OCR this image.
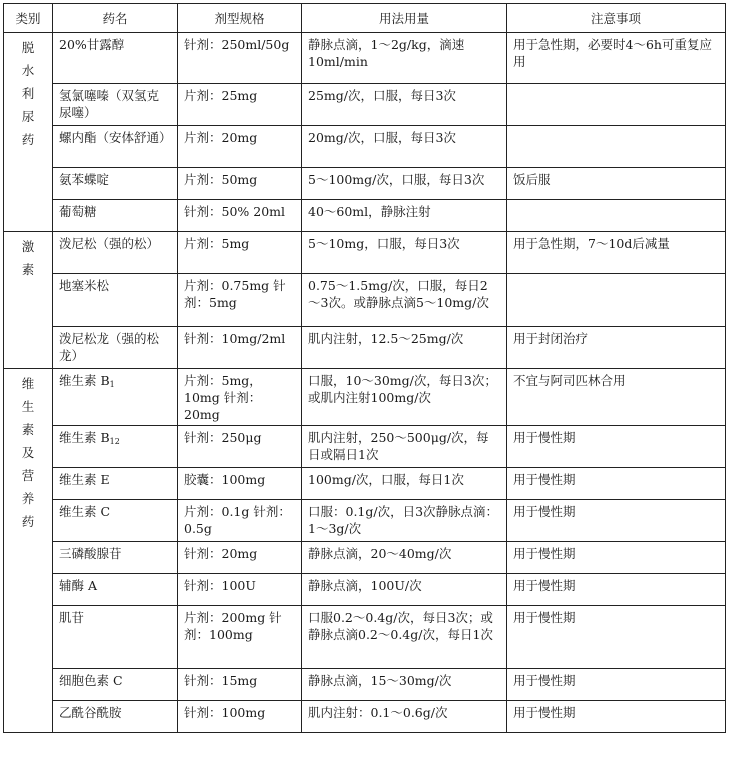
类别	药名	剂型规格	用法用量	注意事项
脱水利尿药	20%甘露醇	针剂：250ml/50g	静脉点滴，1～2g/kg，滴速10ml/min	用于急性期，必要时4～6h可重复应用
	氢氯噻嗪（双氢克尿噻）	片剂：25mg	25mg/次，口服，每日3次	
	螺内酯（安体舒通）	片剂：20mg	20mg/次，口服，每日3次	
	氨苯蝶啶	片剂：50mg	5～100mg/次，口服，每日3次	饭后服
	葡萄糖	针剂：50% 20ml	40～60ml，静脉注射	
激素	泼尼松（强的松）	片剂：5mg	5～10mg，口服，每日3次	用于急性期，7～10d后减量
	地塞米松	片剂：0.75mg 针剂：5mg	0.75～1.5mg/次，口服，每日2～3次。或静脉点滴5～10mg/次	
	泼尼松龙（强的松龙）	针剂：10mg/2ml	肌内注射，12.5～25mg/次	用于封闭治疗
维生素及营养药	维生素 B1	片剂：5mg，10mg 针剂：20mg	口服，10～30mg/次，每日3次；或肌内注射100mg/次	不宜与阿司匹林合用
	维生素 B12	针剂：250μg	肌内注射，250～500μg/次，每日或隔日1次	用于慢性期
	维生素 E	胶囊：100mg	100mg/次，口服，每日1次	用于慢性期
	维生素 C	片剂：0.1g 针剂：0.5g	口服：0.1g/次，日3次静脉点滴：1～3g/次	用于慢性期
	三磷酸腺苷	针剂：20mg	静脉点滴，20～40mg/次	用于慢性期
	辅酶 A	针剂：100U	静脉点滴，100U/次	用于慢性期
	肌苷	片剂：200mg 针剂：100mg	口服0.2～0.4g/次，每日3次；或静脉点滴0.2～0.4g/次，每日1次	用于慢性期
	细胞色素 C	针剂：15mg	静脉点滴，15～30mg/次	用于慢性期
	乙酰谷酰胺	针剂：100mg	肌内注射：0.1～0.6g/次	用于慢性期
